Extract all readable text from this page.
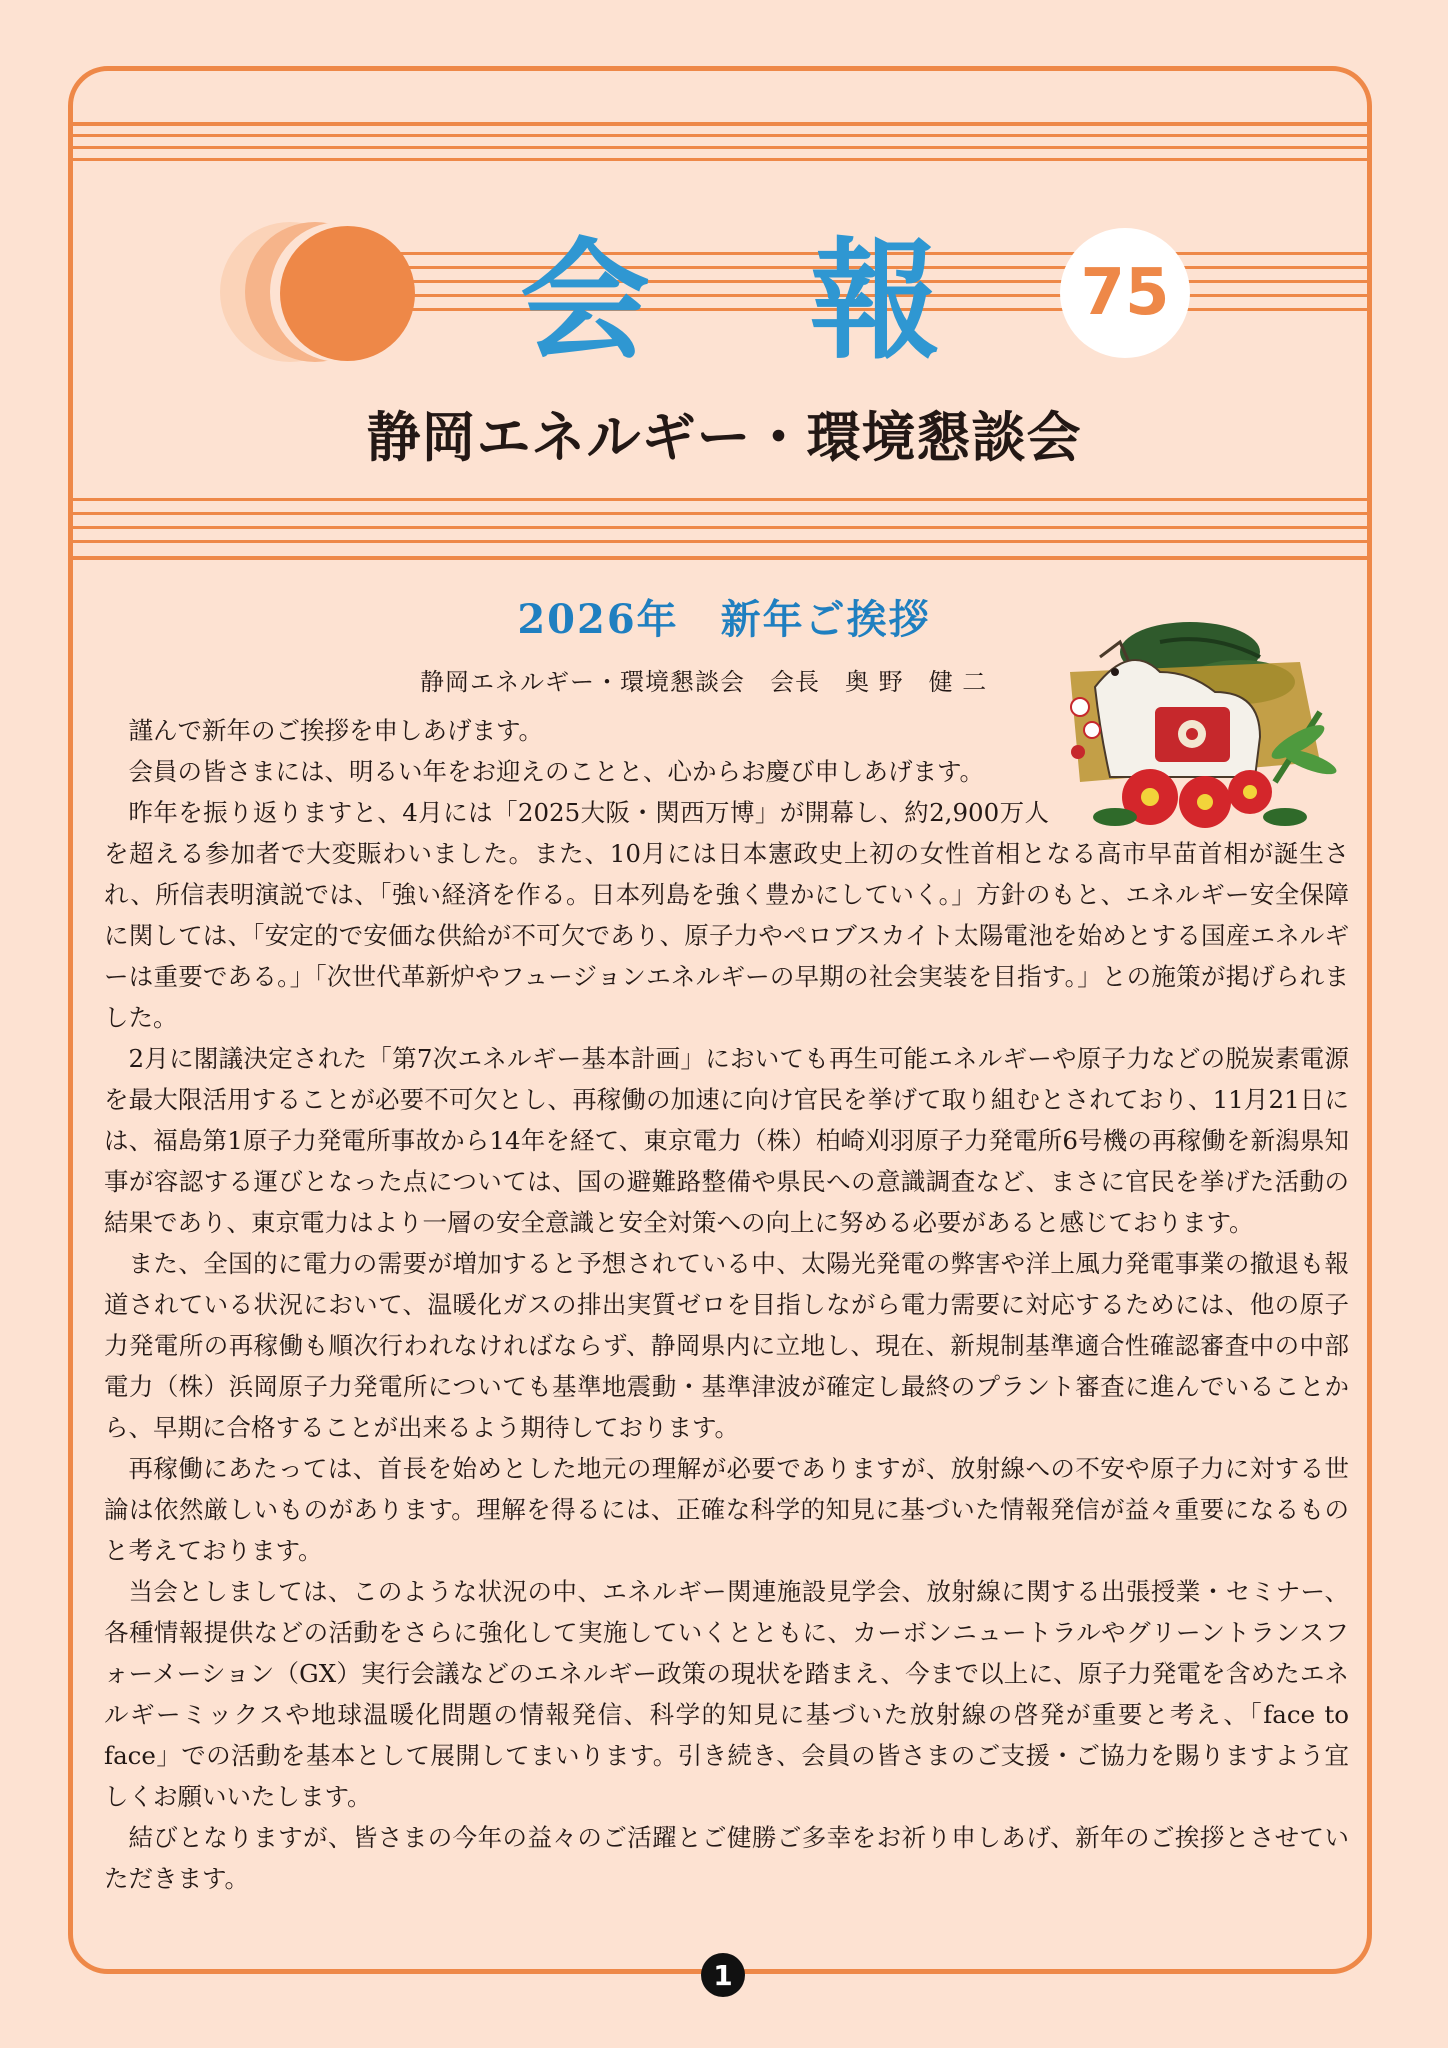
会 報	75
静岡エネルギー・環境懇談会
2026年　新年ご挨拶
静岡エネルギー・環境懇談会　会長　奥 野　健 二

謹んで新年のご挨拶を申しあげます。

会員の皆さまには、明るい年をお迎えのことと、心からお慶び申しあげます。

昨年を振り返りますと、4月には「2025大阪・関西万博」が開幕し、約2,900万人を超える参加者で大変賑わいました。また、10月には日本憲政史上初の女性首相となる高市早苗首相が誕生され、所信表明演説では、「強い経済を作る。日本列島を強く豊かにしていく。」方針のもと、エネルギー安全保障に関しては、「安定的で安価な供給が不可欠であり、原子力やペロブスカイト太陽電池を始めとする国産エネルギーは重要である。」「次世代革新炉やフュージョンエネルギーの早期の社会実装を目指す。」との施策が掲げられました。

2月に閣議決定された「第7次エネルギー基本計画」においても再生可能エネルギーや原子力などの脱炭素電源を最大限活用することが必要不可欠とし、再稼働の加速に向け官民を挙げて取り組むとされており、11月21日には、福島第1原子力発電所事故から14年を経て、東京電力（株）柏崎刈羽原子力発電所6号機の再稼働を新潟県知事が容認する運びとなった点については、国の避難路整備や県民への意識調査など、まさに官民を挙げた活動の結果であり、東京電力はより一層の安全意識と安全対策への向上に努める必要があると感じております。

また、全国的に電力の需要が増加すると予想されている中、太陽光発電の弊害や洋上風力発電事業の撤退も報道されている状況において、温暖化ガスの排出実質ゼロを目指しながら電力需要に対応するためには、他の原子力発電所の再稼働も順次行われなければならず、静岡県内に立地し、現在、新規制基準適合性確認審査中の中部電力（株）浜岡原子力発電所についても基準地震動・基準津波が確定し最終のプラント審査に進んでいることから、早期に合格することが出来るよう期待しております。

再稼働にあたっては、首長を始めとした地元の理解が必要でありますが、放射線への不安や原子力に対する世論は依然厳しいものがあります。理解を得るには、正確な科学的知見に基づいた情報発信が益々重要になるものと考えております。

当会としましては、このような状況の中、エネルギー関連施設見学会、放射線に関する出張授業・セミナー、各種情報提供などの活動をさらに強化して実施していくとともに、カーボンニュートラルやグリーントランスフォーメーション（GX）実行会議などのエネルギー政策の現状を踏まえ、今まで以上に、原子力発電を含めたエネルギーミックスや地球温暖化問題の情報発信、科学的知見に基づいた放射線の啓発が重要と考え、「face to face」での活動を基本として展開してまいります。引き続き、会員の皆さまのご支援・ご協力を賜りますよう宜しくお願いいたします。

結びとなりますが、皆さまの今年の益々のご活躍とご健勝ご多幸をお祈り申しあげ、新年のご挨拶とさせていただきます。

1
